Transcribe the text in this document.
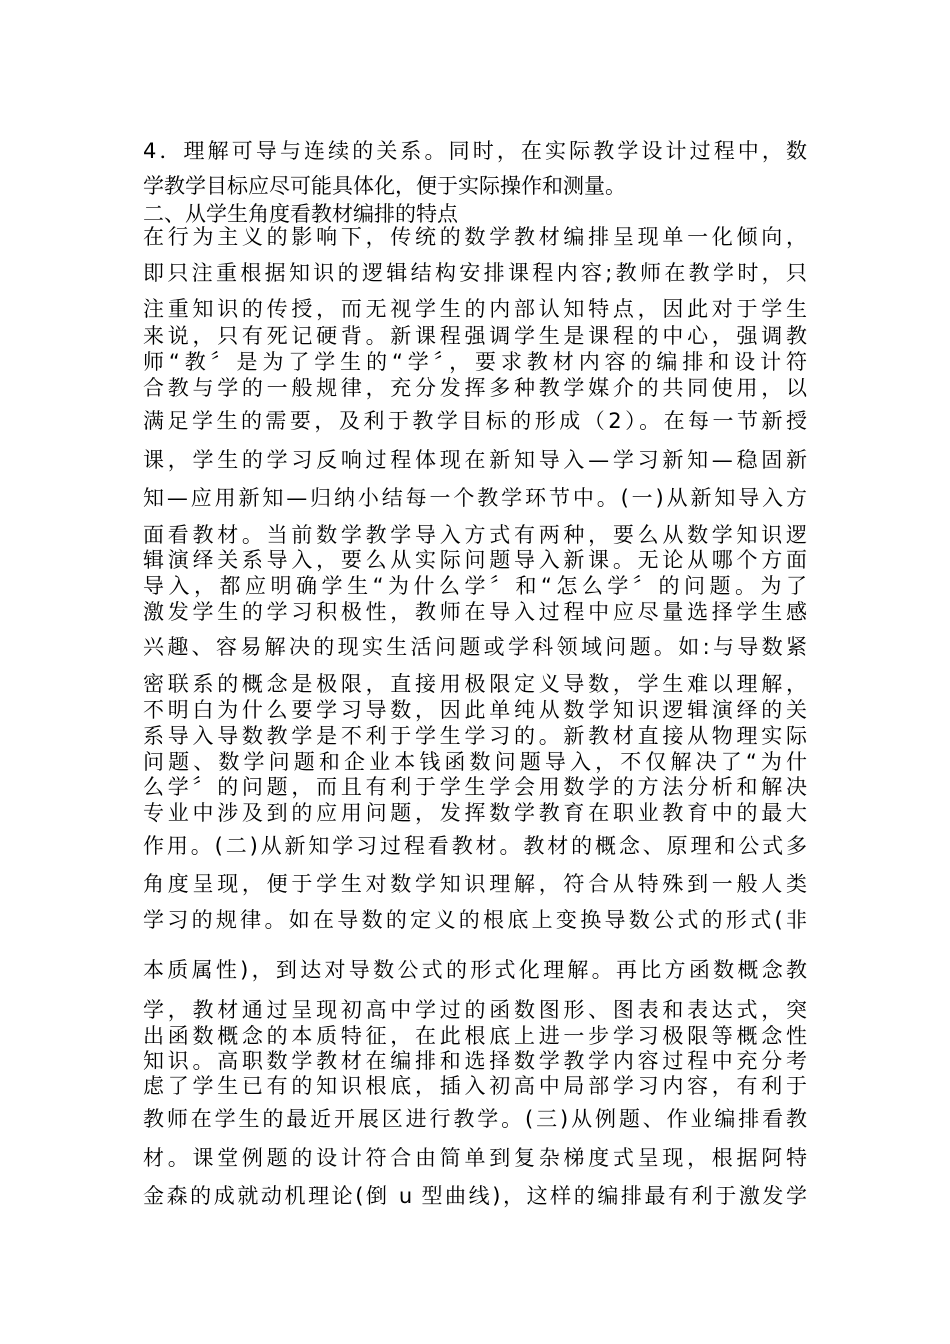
4．理解可导与连续的关系。同时，在实际教学设计过程中，数
学教学目标应尽可能具体化，便于实际操作和测量。
二、从学生角度看教材编排的特点
在行为主义的影响下，传统的数学教材编排呈现单一化倾向，
即只注重根据知识的逻辑结构安排课程内容;教师在教学时，只
注重知识的传授，而无视学生的内部认知特点，因此对于学生
来说，只有死记硬背。新课程强调学生是课程的中心，强调教
师“教〞是为了学生的“学〞，要求教材内容的编排和设计符
合教与学的一般规律，充分发挥多种教学媒介的共同使用，以
满足学生的需要，及利于教学目标的形成（2）。在每一节新授
课，学生的学习反响过程体现在新知导入—学习新知—稳固新
知—应用新知—归纳小结每一个教学环节中。(一)从新知导入方
面看教材。当前数学教学导入方式有两种，要么从数学知识逻
辑演绎关系导入，要么从实际问题导入新课。无论从哪个方面
导入，都应明确学生“为什么学〞和“怎么学〞的问题。为了
激发学生的学习积极性，教师在导入过程中应尽量选择学生感
兴趣、容易解决的现实生活问题或学科领域问题。如:与导数紧
密联系的概念是极限，直接用极限定义导数，学生难以理解，
不明白为什么要学习导数，因此单纯从数学知识逻辑演绎的关
系导入导数教学是不利于学生学习的。新教材直接从物理实际
问题、数学问题和企业本钱函数问题导入，不仅解决了“为什
么学〞的问题，而且有利于学生学会用数学的方法分析和解决
专业中涉及到的应用问题，发挥数学教育在职业教育中的最大
作用。(二)从新知学习过程看教材。教材的概念、原理和公式多
角度呈现，便于学生对数学知识理解，符合从特殊到一般人类
学习的规律。如在导数的定义的根底上变换导数公式的形式(非
本质属性)，到达对导数公式的形式化理解。再比方函数概念教
学，教材通过呈现初高中学过的函数图形、图表和表达式，突
出函数概念的本质特征，在此根底上进一步学习极限等概念性
知识。高职数学教材在编排和选择数学教学内容过程中充分考
虑了学生已有的知识根底，插入初高中局部学习内容，有利于
教师在学生的最近开展区进行教学。(三)从例题、作业编排看教
材。课堂例题的设计符合由简单到复杂梯度式呈现，根据阿特
金森的成就动机理论(倒 u 型曲线)，这样的编排最有利于激发学
